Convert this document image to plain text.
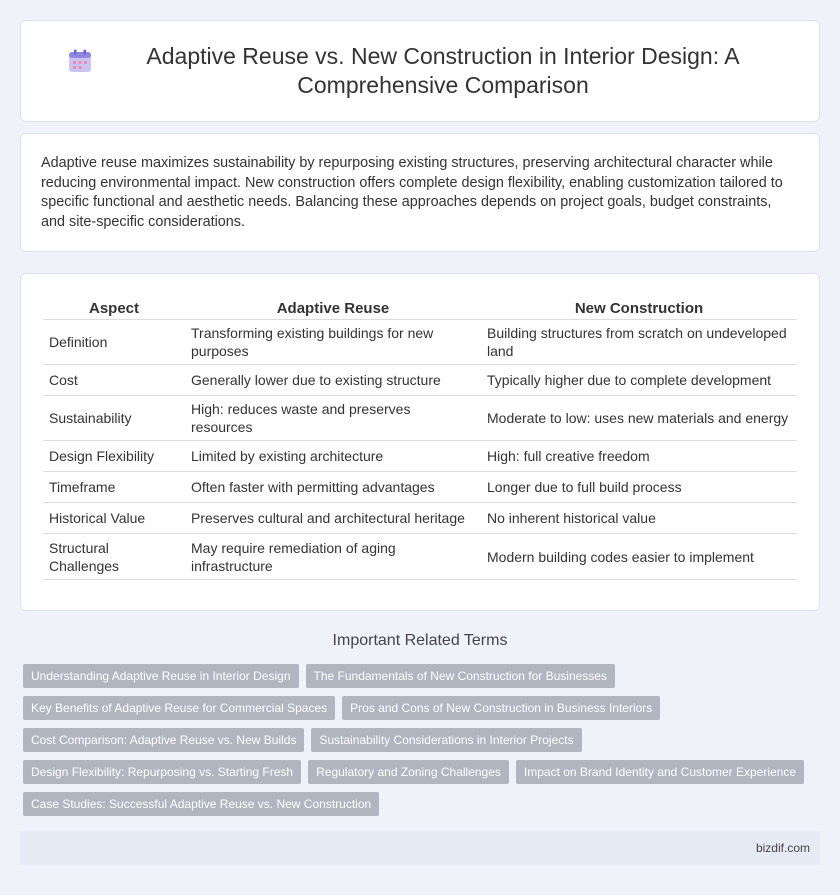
Adaptive Reuse vs. New Construction in Interior Design: A Comprehensive Comparison

Adaptive reuse maximizes sustainability by repurposing existing structures, preserving architectural character while reducing environmental impact. New construction offers complete design flexibility, enabling customization tailored to specific functional and aesthetic needs. Balancing these approaches depends on project goals, budget constraints, and site-specific considerations.

Aspect	Adaptive Reuse	New Construction
Definition	Transforming existing buildings for new purposes	Building structures from scratch on undeveloped land
Cost	Generally lower due to existing structure	Typically higher due to complete development
Sustainability	High: reduces waste and preserves resources	Moderate to low: uses new materials and energy
Design Flexibility	Limited by existing architecture	High: full creative freedom
Timeframe	Often faster with permitting advantages	Longer due to full build process
Historical Value	Preserves cultural and architectural heritage	No inherent historical value
Structural Challenges	May require remediation of aging infrastructure	Modern building codes easier to implement
Important Related Terms
Understanding Adaptive Reuse in Interior Design	The Fundamentals of New Construction for Businesses
Key Benefits of Adaptive Reuse for Commercial Spaces	Pros and Cons of New Construction in Business Interiors
Cost Comparison: Adaptive Reuse vs. New Builds	Sustainability Considerations in Interior Projects
Design Flexibility: Repurposing vs. Starting Fresh	Regulatory and Zoning Challenges	Impact on Brand Identity and Customer Experience
Case Studies: Successful Adaptive Reuse vs. New Construction
bizdif.com
